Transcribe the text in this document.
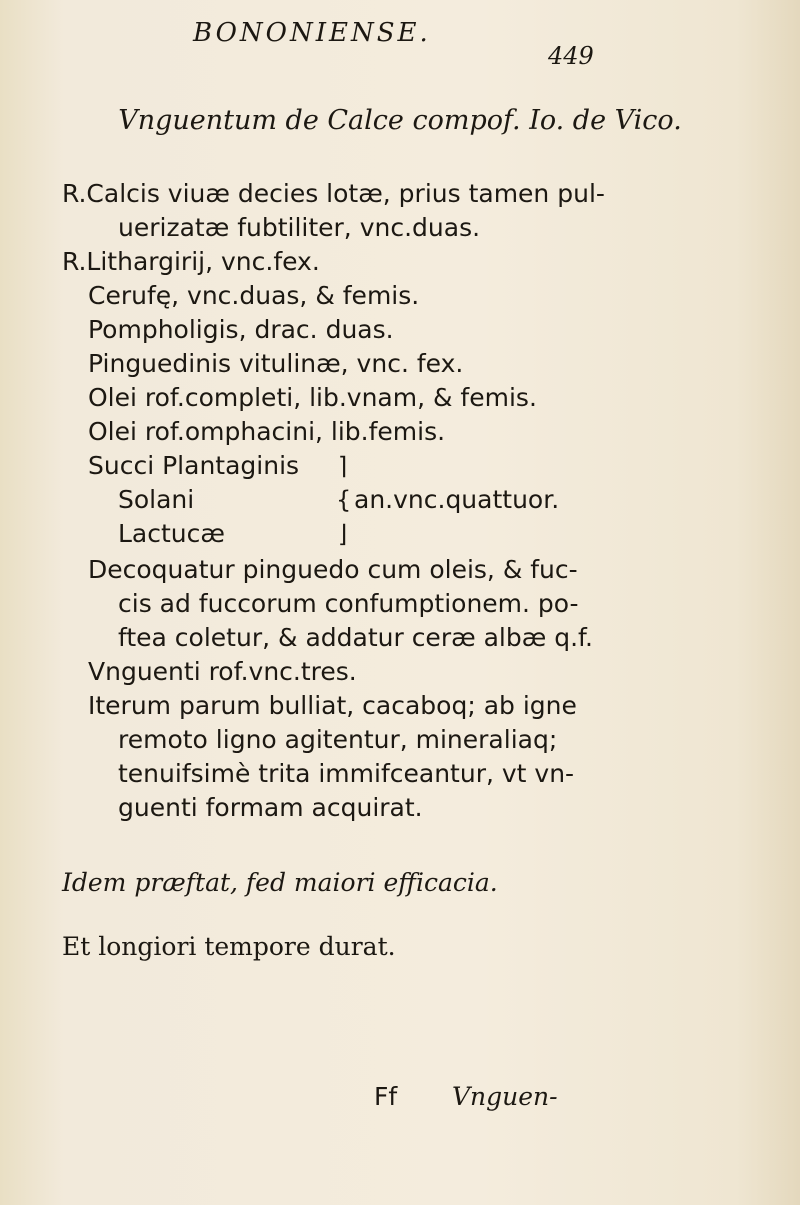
BONONIENSE.
449
Vnguentum de Calce compof. Io. de Vico.
R.Calcis viuæ decies lotæ, prius tamen pul-
uerizatæ fubtiliter, vnc.duas.
R.Lithargirij, vnc.fex.
Cerufę, vnc.duas, & femis.
Pompholigis, drac. duas.
Pinguedinis vitulinæ, vnc. fex.
Olei rof.completi, lib.vnam, & femis.
Olei rof.omphacini, lib.femis.
Succi Plantaginis
Solani
Lactucæ
⌉
{
⌋
an.vnc.quattuor.
Decoquatur pinguedo cum oleis, & fuc-
cis ad fuccorum confumptionem. po-
ftea coletur, & addatur ceræ albæ q.f.
Vnguenti rof.vnc.tres.
Iterum parum bulliat, cacaboq; ab igne
remoto ligno agitentur, mineraliaq;
tenuifsimè trita immifceantur, vt vn-
guenti formam acquirat.
Idem præftat, fed maiori efficacia.
Et longiori tempore durat.
Ff Vnguen-
